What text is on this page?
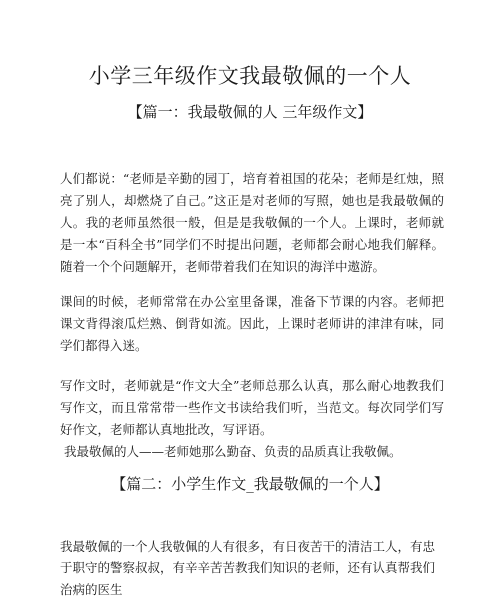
小学三年级作文我最敬佩的一个人
【篇一：我最敬佩的人 三年级作文】

人们都说：“老师是辛勤的园丁，培育着祖国的花朵；老师是红烛，照亮了别人，却燃烧了自己。”这正是对老师的写照，她也是我最敬佩的人。我的老师虽然很一般，但是是我敬佩的一个人。上课时，老师就是一本“百科全书”同学们不时提出问题，老师都会耐心地我们解释。随着一个个问题解开，老师带着我们在知识的海洋中遨游。

课间的时候，老师常常在办公室里备课，准备下节课的内容。老师把课文背得滚瓜烂熟、倒背如流。因此，上课时老师讲的津津有味，同学们都得入迷。

写作文时，老师就是“作文大全”老师总那么认真，那么耐心地教我们写作文，而且常常带一些作文书读给我们听，当范文。每次同学们写好作文，老师都认真地批改，写评语。

我最敬佩的人——老师她那么勤奋、负责的品质真让我敬佩。

【篇二：小学生作文_我最敬佩的一个人】

我最敬佩的一个人我敬佩的人有很多，有日夜苦干的清洁工人，有忠

于职守的警察叔叔，有辛辛苦苦教我们知识的老师，还有认真帮我们治病的医生
